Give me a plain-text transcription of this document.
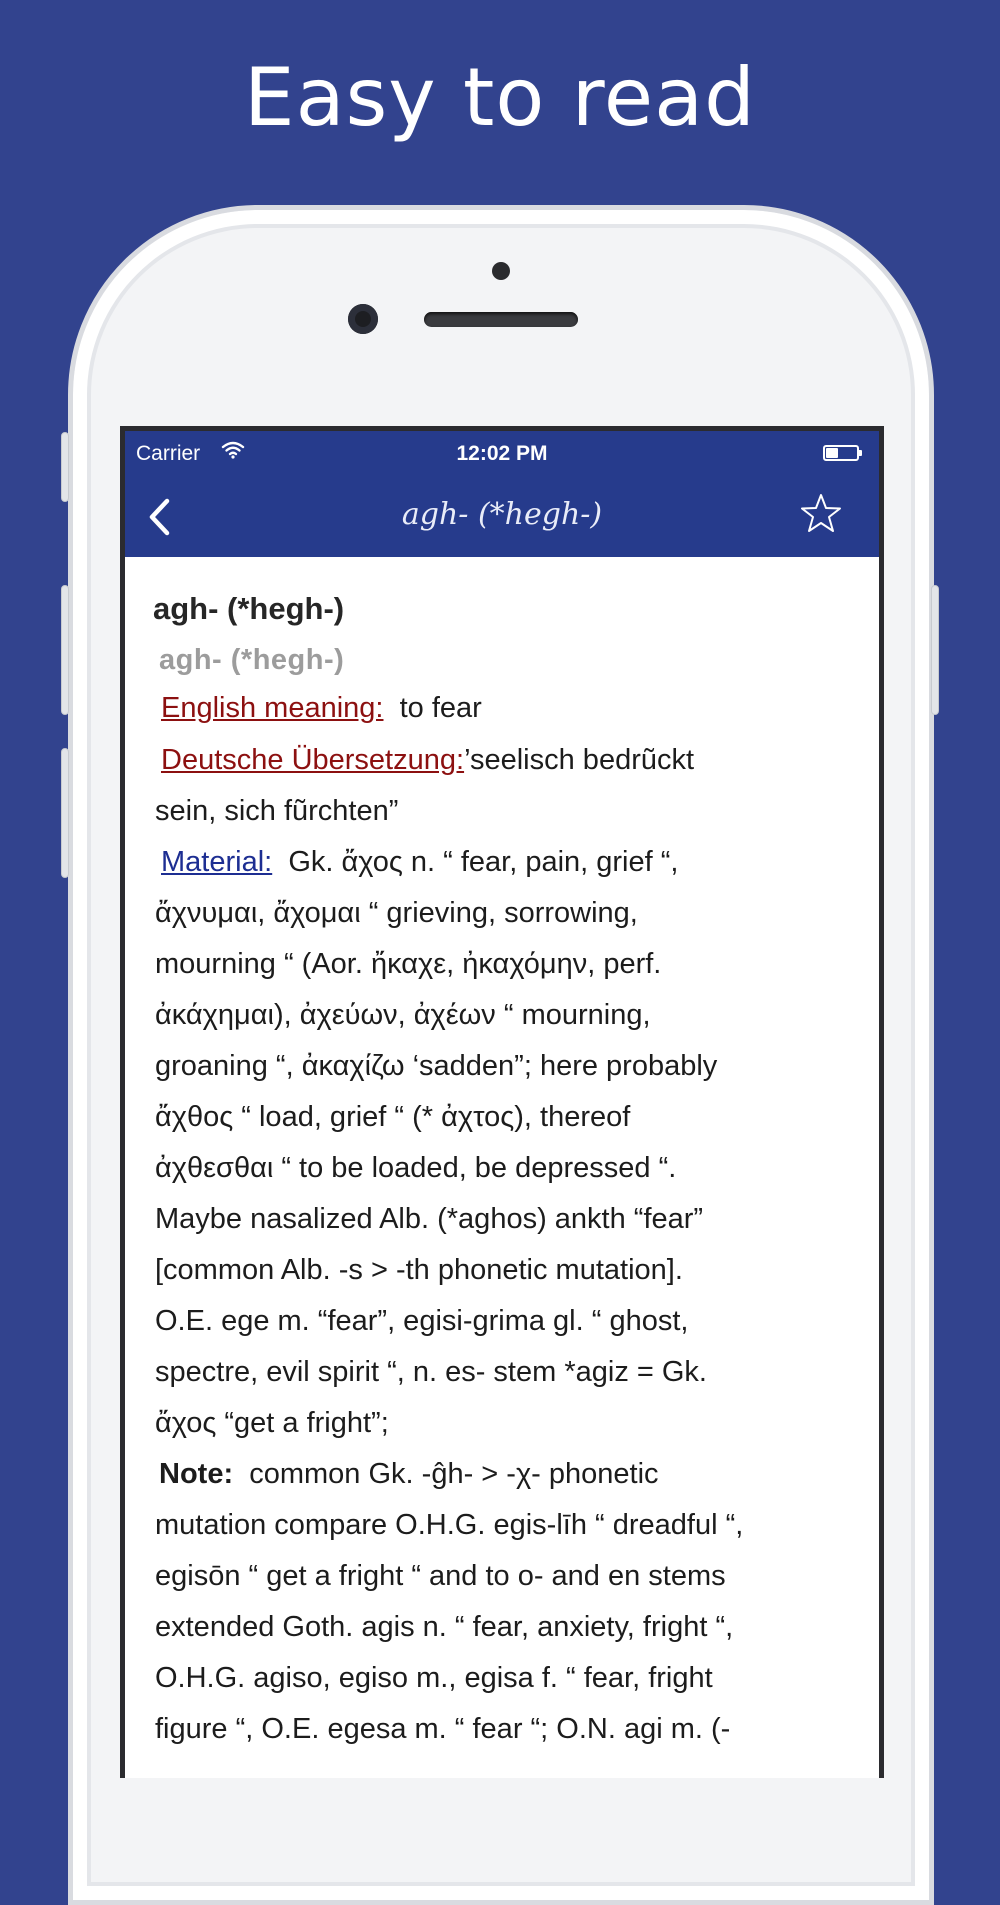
Easy to read
Carrier	12:02 PM
agh- (*hegh-)
agh- (*hegh-)
agh- (*hegh-)
English meaning: to fear
Deutsche Übersetzung:’seelisch bedrũckt
sein, sich fũrchten”
Material: Gk. ἄχος n. “ fear, pain, grief “,
ἄχνυμαι, ἄχομαι “ grieving, sorrowing,
mourning “ (Aor. ἤκαχε, ἠκαχόμην, perf.
ἀκάχημαι), ἀχεύων, ἀχέων “ mourning,
groaning “, ἀκαχίζω ‘sadden”; here probably
ἄχθος “ load, grief “ (* ἀχτος), thereof
ἀχθεσθαι “ to be loaded, be depressed “.
Maybe nasalized Alb. (*aghos) ankth “fear”
[common Alb. -s > -th phonetic mutation].
O.E. ege m. “fear”, egisi-grima gl. “ ghost,
spectre, evil spirit “, n. es- stem *agiz = Gk.
ἄχος “get a fright”;
Note: common Gk. -ĝh- > -χ- phonetic
mutation compare O.H.G. egis-līh “ dreadful “,
egisōn “ get a fright “ and to o- and en stems
extended Goth. agis n. “ fear, anxiety, fright “,
O.H.G. agiso, egiso m., egisa f. “ fear, fright
figure “, O.E. egesa m. “ fear “; O.N. agi m. (-
